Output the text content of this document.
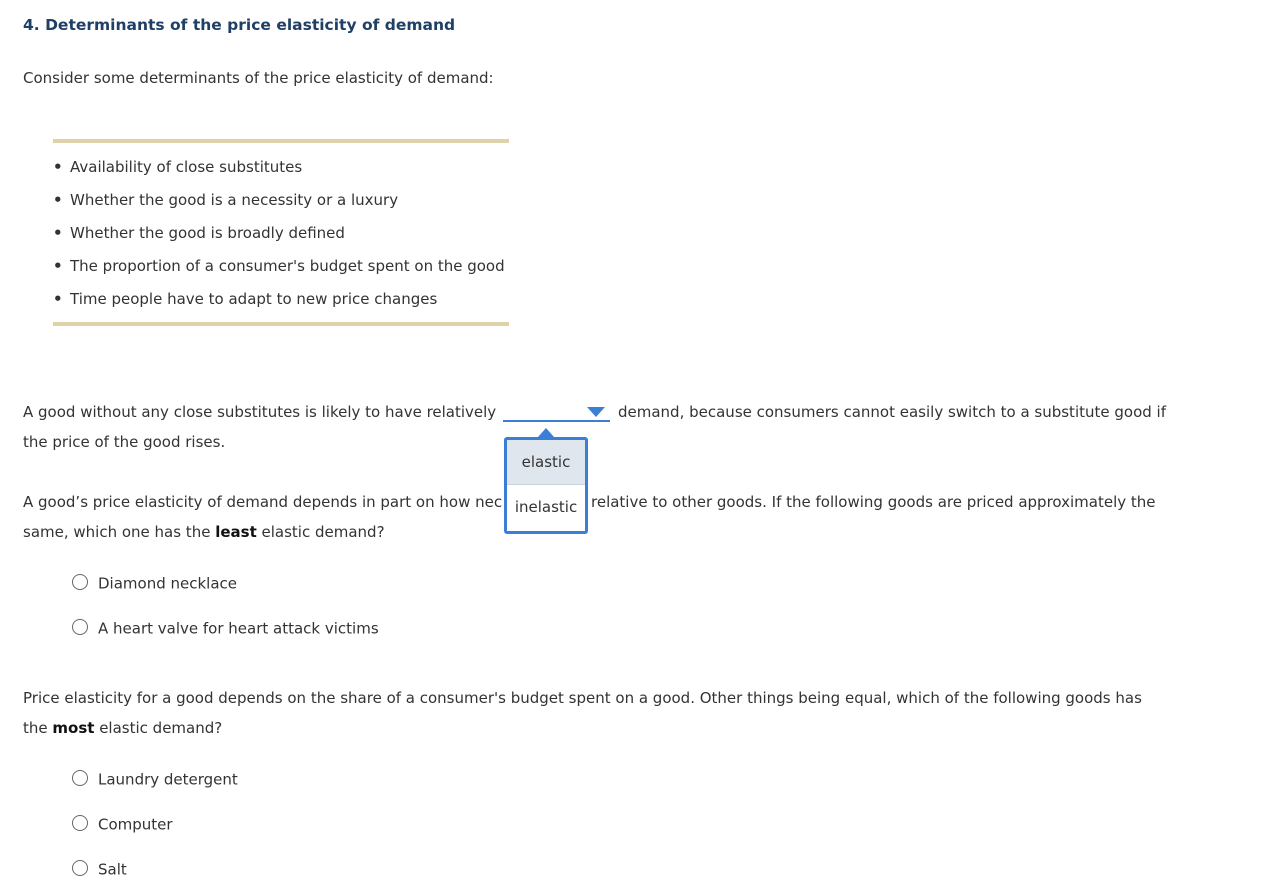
4. Determinants of the price elasticity of demand
Consider some determinants of the price elasticity of demand:
• Availability of close substitutes
• Whether the good is a necessity or a luxury
• Whether the good is broadly defined
• The proportion of a consumer's budget spent on the good
• Time people have to adapt to new price changes
A good without any close substitutes is likely to have relatively	demand, because consumers cannot easily switch to a substitute good if
the price of the good rises.
A good’s price elasticity of demand depends in part on how nec	relative to other goods. If the following goods are priced approximately the
same, which one has the least elastic demand?
Diamond necklace
A heart valve for heart attack victims
Price elasticity for a good depends on the share of a consumer's budget spent on a good. Other things being equal, which of the following goods has
the most elastic demand?
Laundry detergent
Computer
Salt
elastic
inelastic
